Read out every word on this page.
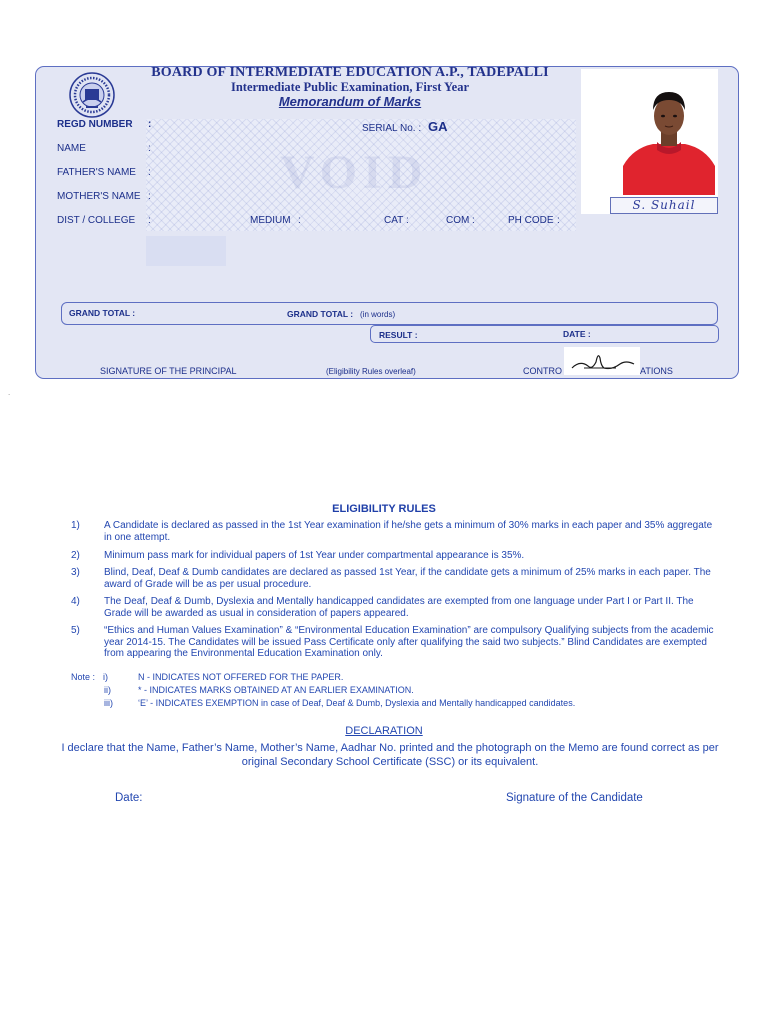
BOARD OF INTERMEDIATE EDUCATION A.P., TADEPALLI
Intermediate Public Examination, First Year
Memorandum of Marks
VOID
REGD NUMBER :	SERIAL No. : GA
NAME	:
FATHER'S NAME :
MOTHER'S NAME :
DIST / COLLEGE :	MEDIUM :	CAT :	COM :	PH CODE :
S. Suhail
GRAND TOTAL :	GRAND TOTAL : (in words)
RESULT :	DATE :
SIGNATURE OF THE PRINCIPAL	(Eligibility Rules overleaf)	CONTRO	ATIONS
.
ELIGIBILITY RULES
1) A Candidate is declared as passed in the 1st Year examination if he/she gets a minimum of 30% marks in each paper and 35% aggregate in one attempt.
2) Minimum pass mark for individual papers of 1st Year under compartmental appearance is 35%.
3) Blind, Deaf, Deaf & Dumb candidates are declared as passed 1st Year, if the candidate gets a minimum of 25% marks in each paper. The award of Grade will be as per usual procedure.
4) The Deaf, Deaf & Dumb, Dyslexia and Mentally handicapped candidates are exempted from one language under Part I or Part II. The Grade will be awarded as usual in consideration of papers appeared.
5) “Ethics and Human Values Examination” & “Environmental Education Examination” are compulsory Qualifying subjects from the academic year 2014-15. The Candidates will be issued Pass Certificate only after qualifying the said two subjects.” Blind Candidates are exempted from appearing the Environmental Education Examination only.
Note : i)	N - INDICATES NOT OFFERED FOR THE PAPER.
ii)	* - INDICATES MARKS OBTAINED AT AN EARLIER EXAMINATION.
iii)	‘E’ - INDICATES EXEMPTION in case of Deaf, Deaf & Dumb, Dyslexia and Mentally handicapped candidates.
DECLARATION
I declare that the Name, Father’s Name, Mother’s Name, Aadhar No. printed and the photograph on the Memo are found correct as per original Secondary School Certificate (SSC) or its equivalent.
Date:	Signature of the Candidate
